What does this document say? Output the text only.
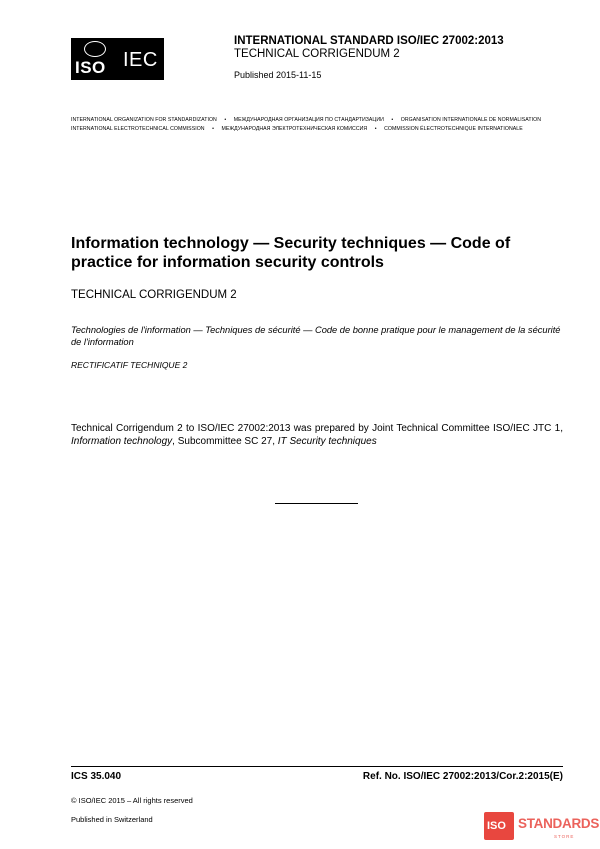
ISO IEC
INTERNATIONAL STANDARD ISO/IEC 27002:2013
TECHNICAL CORRIGENDUM 2
Published 2015-11-15
INTERNATIONAL ORGANIZATION FOR STANDARDIZATION • МЕЖДУНАРОДНАЯ ОРГАНИЗАЦИЯ ПО СТАНДАРТИЗАЦИИ • ORGANISATION INTERNATIONALE DE NORMALISATION
INTERNATIONAL ELECTROTECHNICAL COMMISSION • МЕЖДУНАРОДНАЯ ЭЛЕКТРОТЕХНИЧЕСКАЯ КОМИССИЯ • COMMISSION ÉLECTROTECHNIQUE INTERNATIONALE
Information technology — Security techniques — Code of practice for information security controls
TECHNICAL CORRIGENDUM 2
Technologies de l'information — Techniques de sécurité — Code de bonne pratique pour le management de la sécurité de l'information
RECTIFICATIF TECHNIQUE 2
Technical Corrigendum 2 to ISO/IEC 27002:2013 was prepared by Joint Technical Committee ISO/IEC JTC 1, Information technology, Subcommittee SC 27, IT Security techniques
ICS 35.040	Ref. No. ISO/IEC 27002:2013/Cor.2:2015(E)
© ISO/IEC 2015 – All rights reserved
Published in Switzerland
ISO STANDARDS
STORE
